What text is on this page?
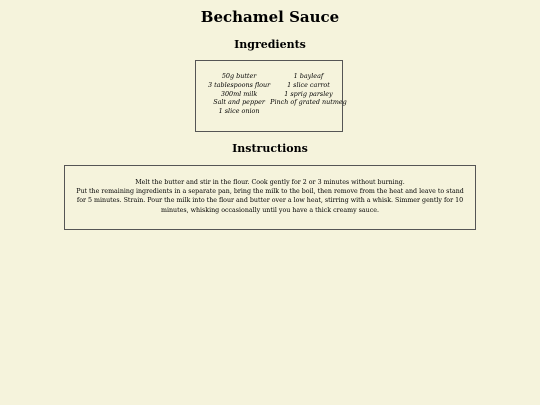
Bechamel Sauce
Ingredients
50g butter
3 tablespoons flour
300ml milk
Salt and pepper
1 slice onion
1 bayleaf
1 slice carrot
1 sprig parsley
Pinch of grated nutmeg
Instructions

Melt the butter and stir in the flour. Cook gently for 2 or 3 minutes without burning.

Put the remaining ingredients in a separate pan, bring the milk to the boil, then remove from the heat and leave to stand for 5 minutes. Strain. Pour the milk into the flour and butter over a low heat, stirring with a whisk. Simmer gently for 10 minutes, whisking occasionally until you have a thick creamy sauce.
